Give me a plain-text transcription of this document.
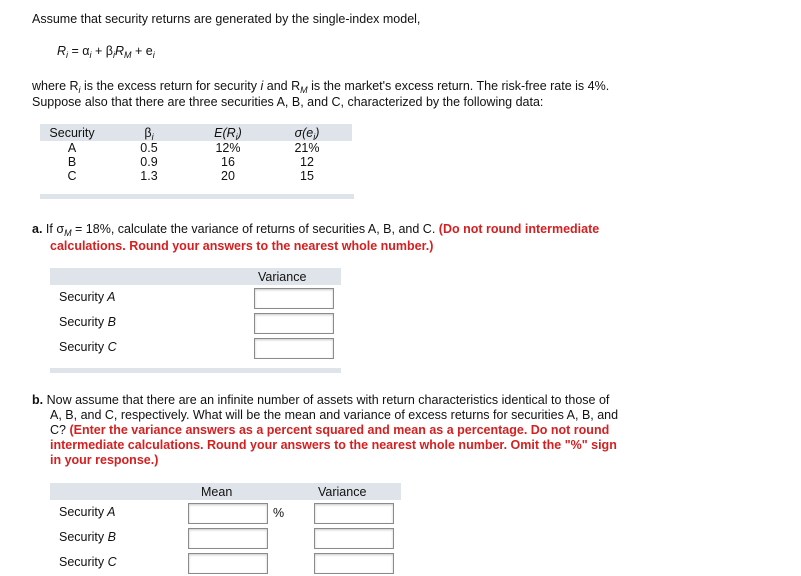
Assume that security returns are generated by the single-index model,
$R_i = \alpha_i + \beta_iR_M + e_i$
where $R_i$ is the excess return for security i and $R_M$ is the market's excess return. The risk-free rate is 4%.
Suppose also that there are three securities A, B, and C, characterized by the following data:
Security	$\beta_i$	$E(R_i)$	$\sigma(e_i)$
A	0.5	12%	21%
B	0.9	16	12
C	1.3	20	15
a. If $\sigma_M = 18\%$, calculate the variance of returns of securities A, B, and C. (Do not round intermediate
calculations. Round your answers to the nearest whole number.)
Variance
Security A
Security B
Security C
b. Now assume that there are an infinite number of assets with return characteristics identical to those of
A, B, and C, respectively. What will be the mean and variance of excess returns for securities A, B, and
C? (Enter the variance answers as a percent squared and mean as a percentage. Do not round
intermediate calculations. Round your answers to the nearest whole number. Omit the "%" sign
in your response.)
Mean	Variance
Security A	%
Security B
Security C
